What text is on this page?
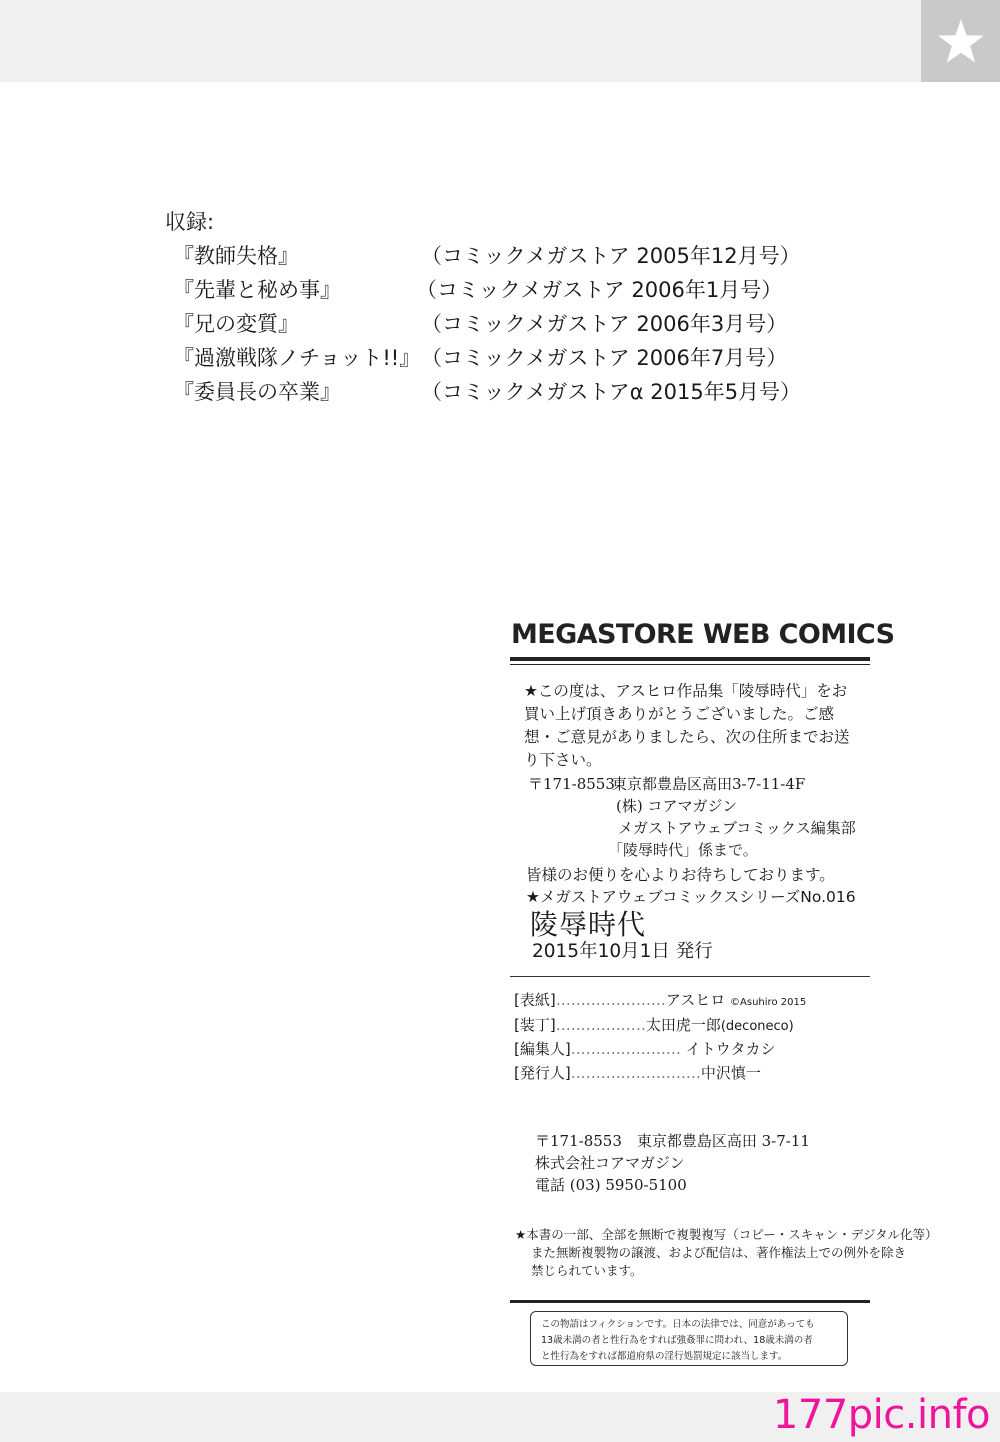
収録:
『教師失格』	（コミックメガストア 2005年12月号）
『先輩と秘め事』	（コミックメガストア 2006年1月号）
『兄の変質』	（コミックメガストア 2006年3月号）
『過激戦隊ノチョット!!』 （コミックメガストア 2006年7月号）
『委員長の卒業』	（コミックメガストアα 2015年5月号）
MEGASTORE WEB COMICS
★この度は、アスヒロ作品集「陵辱時代」をお
買い上げ頂きありがとうございました。ご感
想・ご意見がありましたら、次の住所までお送
り下さい。
〒171-8553
東京都豊島区高田3-7-11-4F
(株) コアマガジン
メガストアウェブコミックス編集部
「陵辱時代」係まで。
皆様のお便りを心よりお待ちしております。
★メガストアウェブコミックスシリーズNo.016
陵辱時代
2015年10月1日 発行
[表紙]‥‥‥‥‥‥‥‥‥‥‥アスヒロ ©Asuhiro 2015
[装丁]‥‥‥‥‥‥‥‥‥太田虎一郎(deconeco)
[編集人]‥‥‥‥‥‥‥‥‥‥‥ イトウタカシ
[発行人]‥‥‥‥‥‥‥‥‥‥‥‥‥中沢慎一
〒171-8553　東京都豊島区高田 3-7-11
株式会社コアマガジン
電話 (03) 5950-5100
★本書の一部、全部を無断で複製複写（コピー・スキャン・デジタル化等）
また無断複製物の譲渡、および配信は、著作権法上での例外を除き
禁じられています。
この物語はフィクションです。日本の法律では、同意があっても
13歳未満の者と性行為をすれば強姦罪に問われ、18歳未満の者
と性行為をすれば都道府県の淫行処罰規定に該当します。
177pic.info
